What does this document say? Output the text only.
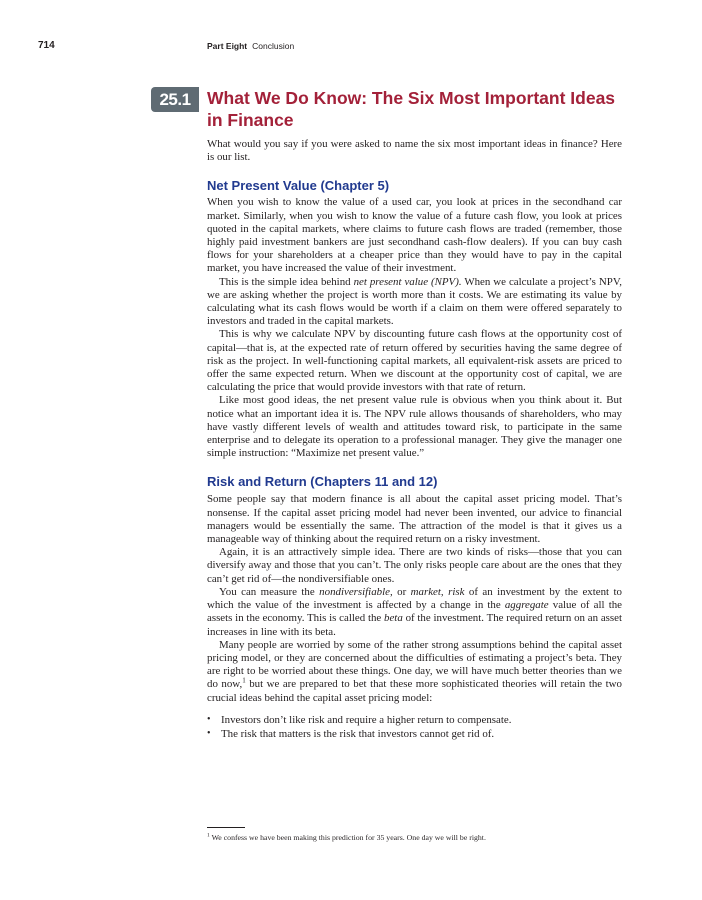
714	Part Eight Conclusion
25.1 What We Do Know: The Six Most Important Ideas in Finance

What would you say if you were asked to name the six most important ideas in finance? Here is our list.

Net Present Value (Chapter 5)

When you wish to know the value of a used car, you look at prices in the secondhand car market. Similarly, when you wish to know the value of a future cash flow, you look at prices quoted in the capital markets, where claims to future cash flows are traded (remember, those highly paid investment bankers are just secondhand cash-flow dealers). If you can buy cash flows for your shareholders at a cheaper price than they would have to pay in the capital market, you have increased the value of their investment.

This is the simple idea behind net present value (NPV). When we calculate a project’s NPV, we are asking whether the project is worth more than it costs. We are estimating its value by calculating what its cash flows would be worth if a claim on them were offered separately to investors and traded in the capital markets.

This is why we calculate NPV by discounting future cash flows at the opportunity cost of capital—that is, at the expected rate of return offered by securities having the same degree of risk as the project. In well-functioning capital markets, all equivalent-risk assets are priced to offer the same expected return. When we discount at the opportunity cost of capital, we are calculating the price that would provide investors with that rate of return.

Like most good ideas, the net present value rule is obvious when you think about it. But notice what an important idea it is. The NPV rule allows thousands of shareholders, who may have vastly different levels of wealth and attitudes toward risk, to participate in the same enterprise and to delegate its operation to a professional manager. They give the manager one simple instruction: “Maximize net present value.”

Risk and Return (Chapters 11 and 12)

Some people say that modern finance is all about the capital asset pricing model. That’s nonsense. If the capital asset pricing model had never been invented, our advice to financial managers would be essentially the same. The attraction of the model is that it gives us a manageable way of thinking about the required return on a risky investment.

Again, it is an attractively simple idea. There are two kinds of risks—those that you can diversify away and those that you can’t. The only risks people care about are the ones that they can’t get rid of—the nondiversifiable ones.

You can measure the nondiversifiable, or market, risk of an investment by the extent to which the value of the investment is affected by a change in the aggregate value of all the assets in the economy. This is called the beta of the investment. The required return on an asset increases in line with its beta.

Many people are worried by some of the rather strong assumptions behind the capital asset pricing model, or they are concerned about the difficulties of estimating a project’s beta. They are right to be worried about these things. One day, we will have much better theories than we do now,$^1$ but we are prepared to bet that these more sophisticated theories will retain the two crucial ideas behind the capital asset pricing model:

• Investors don’t like risk and require a higher return to compensate.
• The risk that matters is the risk that investors cannot get rid of.
$^1$ We confess we have been making this prediction for 35 years. One day we will be right.
